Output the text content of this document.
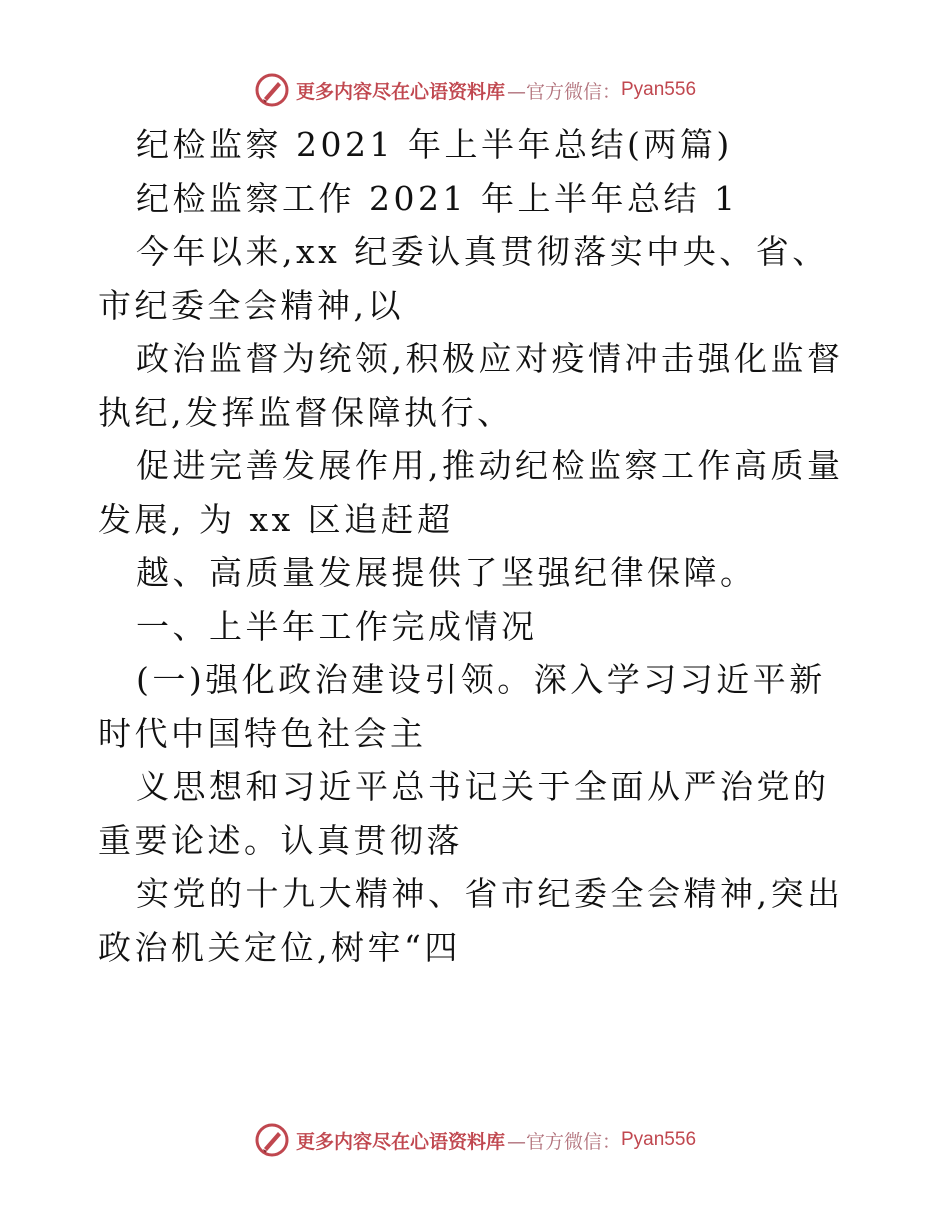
更多内容尽在心语资料库 —官方微信： Pyan556

纪检监察 2021 年上半年总结(两篇)

纪检监察工作 2021 年上半年总结 1

今年以来,xx 纪委认真贯彻落实中央、省、市纪委全会精神,以

政治监督为统领,积极应对疫情冲击强化监督执纪,发挥监督保障执行、

促进完善发展作用,推动纪检监察工作高质量发展, 为 xx 区追赶超

越、高质量发展提供了坚强纪律保障。

一、上半年工作完成情况

(一)强化政治建设引领。深入学习习近平新时代中国特色社会主

义思想和习近平总书记关于全面从严治党的重要论述。认真贯彻落

实党的十九大精神、省市纪委全会精神,突出政治机关定位,树牢“四

更多内容尽在心语资料库 —官方微信： Pyan556
